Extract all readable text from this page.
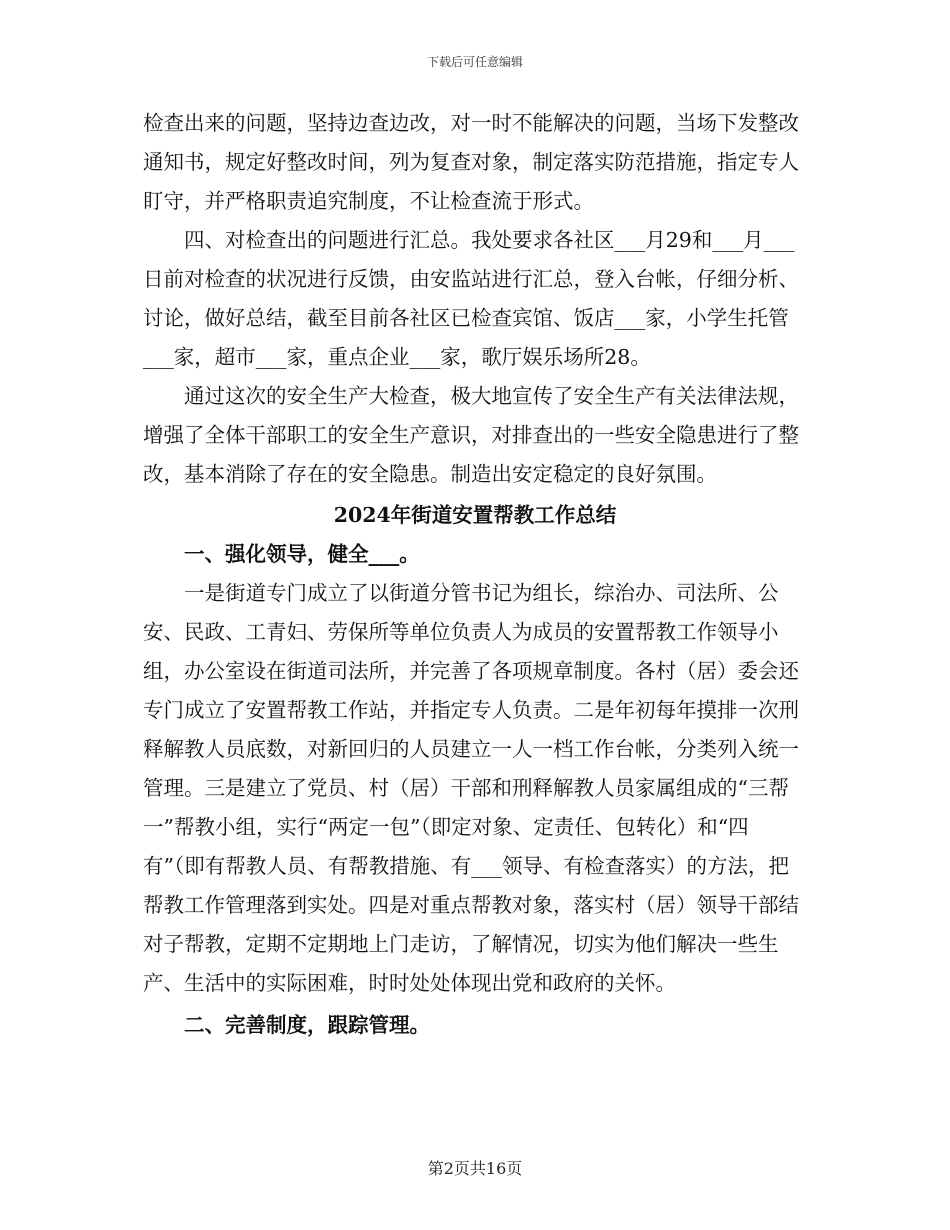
下载后可任意编辑

检查出来的问题，坚持边查边改，对一时不能解决的问题，当场下发整改通知书，规定好整改时间，列为复查对象，制定落实防范措施，指定专人盯守，并严格职责追究制度，不让检查流于形式。

四、对检查出的问题进行汇总。我处要求各社区___月29和___月___日前对检查的状况进行反馈，由安监站进行汇总，登入台帐，仔细分析、讨论，做好总结，截至目前各社区已检查宾馆、饭店___家，小学生托管___家，超市___家，重点企业___家，歌厅娱乐场所28。

通过这次的安全生产大检查，极大地宣传了安全生产有关法律法规，增强了全体干部职工的安全生产意识，对排查出的一些安全隐患进行了整改，基本消除了存在的安全隐患。制造出安定稳定的良好氛围。

2024年街道安置帮教工作总结

一、强化领导，健全___。

一是街道专门成立了以街道分管书记为组长，综治办、司法所、公安、民政、工青妇、劳保所等单位负责人为成员的安置帮教工作领导小组，办公室设在街道司法所，并完善了各项规章制度。各村（居）委会还专门成立了安置帮教工作站，并指定专人负责。二是年初每年摸排一次刑释解教人员底数，对新回归的人员建立一人一档工作台帐，分类列入统一管理。三是建立了党员、村（居）干部和刑释解教人员家属组成的“三帮一”帮教小组，实行“两定一包”（即定对象、定责任、包转化）和“四有”（即有帮教人员、有帮教措施、有___领导、有检查落实）的方法，把帮教工作管理落到实处。四是对重点帮教对象，落实村（居）领导干部结对子帮教，定期不定期地上门走访，了解情况，切实为他们解决一些生产、生活中的实际困难，时时处处体现出党和政府的关怀。

二、完善制度，跟踪管理。

第2页共16页
